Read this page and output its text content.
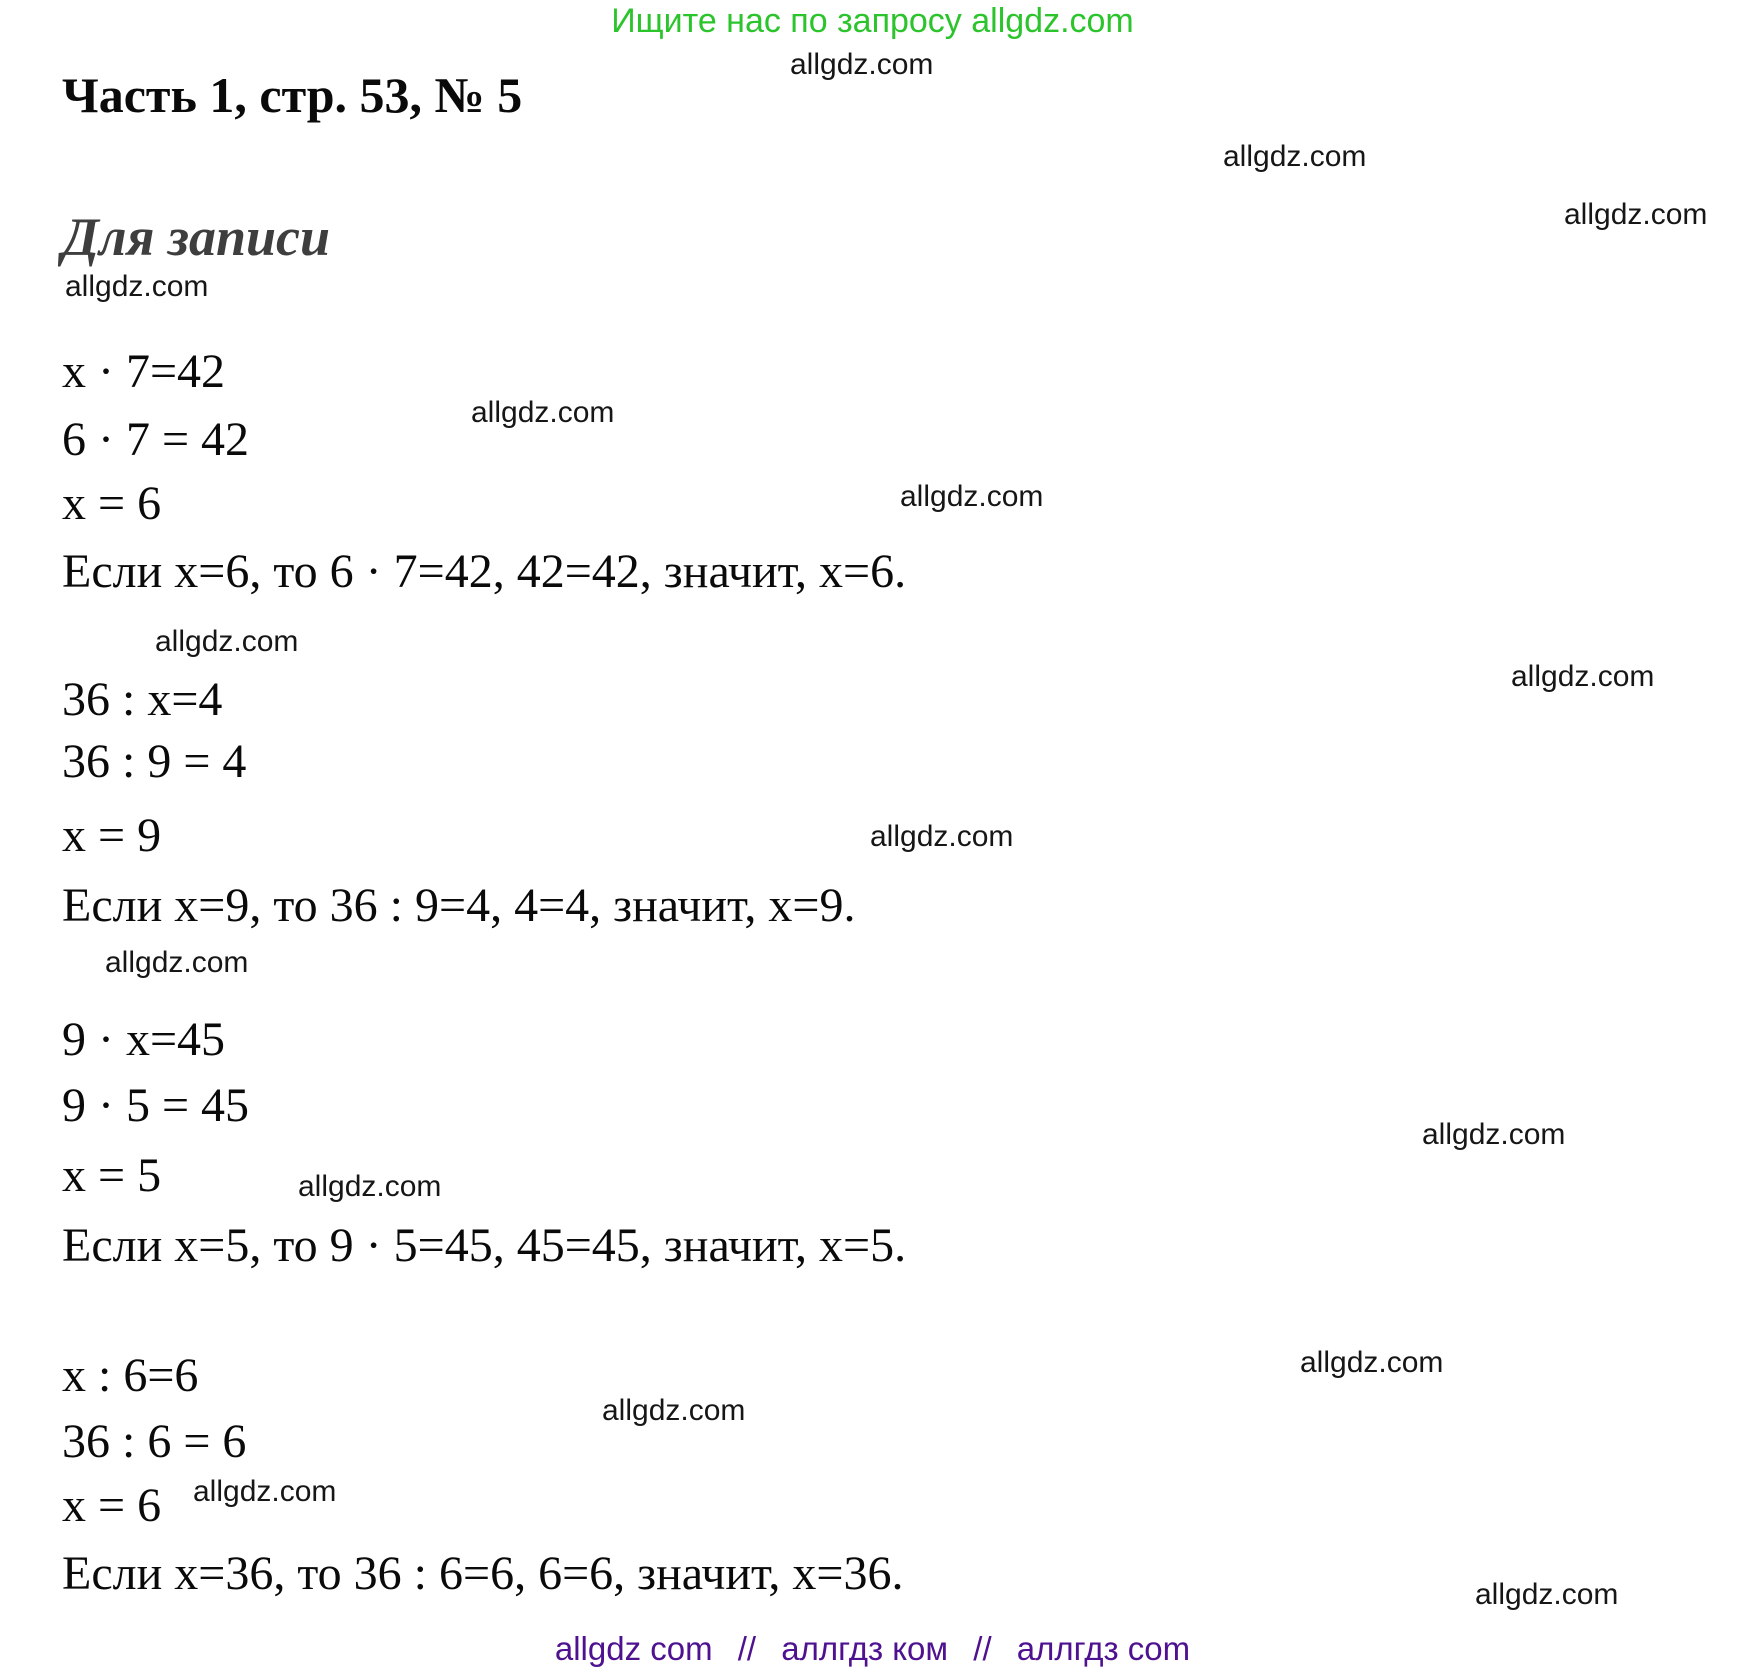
Ищите нас по запросу allgdz.com
Часть 1, стр. 53, № 5
Для записи
allgdz.com
allgdz.com
allgdz.com
allgdz.com
allgdz.com
allgdz.com
allgdz.com
allgdz.com
allgdz.com
allgdz.com
allgdz.com
allgdz.com
allgdz.com
allgdz.com
allgdz.com
allgdz.com
x · 7=42
6 · 7 = 42
x = 6
Если x=6, то 6 · 7=42, 42=42, значит, x=6.
36 : x=4
36 : 9 = 4
x = 9
Если x=9, то 36 : 9=4, 4=4, значит, x=9.
9 · x=45
9 · 5 = 45
x = 5
Если x=5, то 9 · 5=45, 45=45, значит, x=5.
x : 6=6
36 : 6 = 6
x = 6
Если x=36, то 36 : 6=6, 6=6, значит, x=36.
allgdz com // аллгдз ком // аллгдз com
